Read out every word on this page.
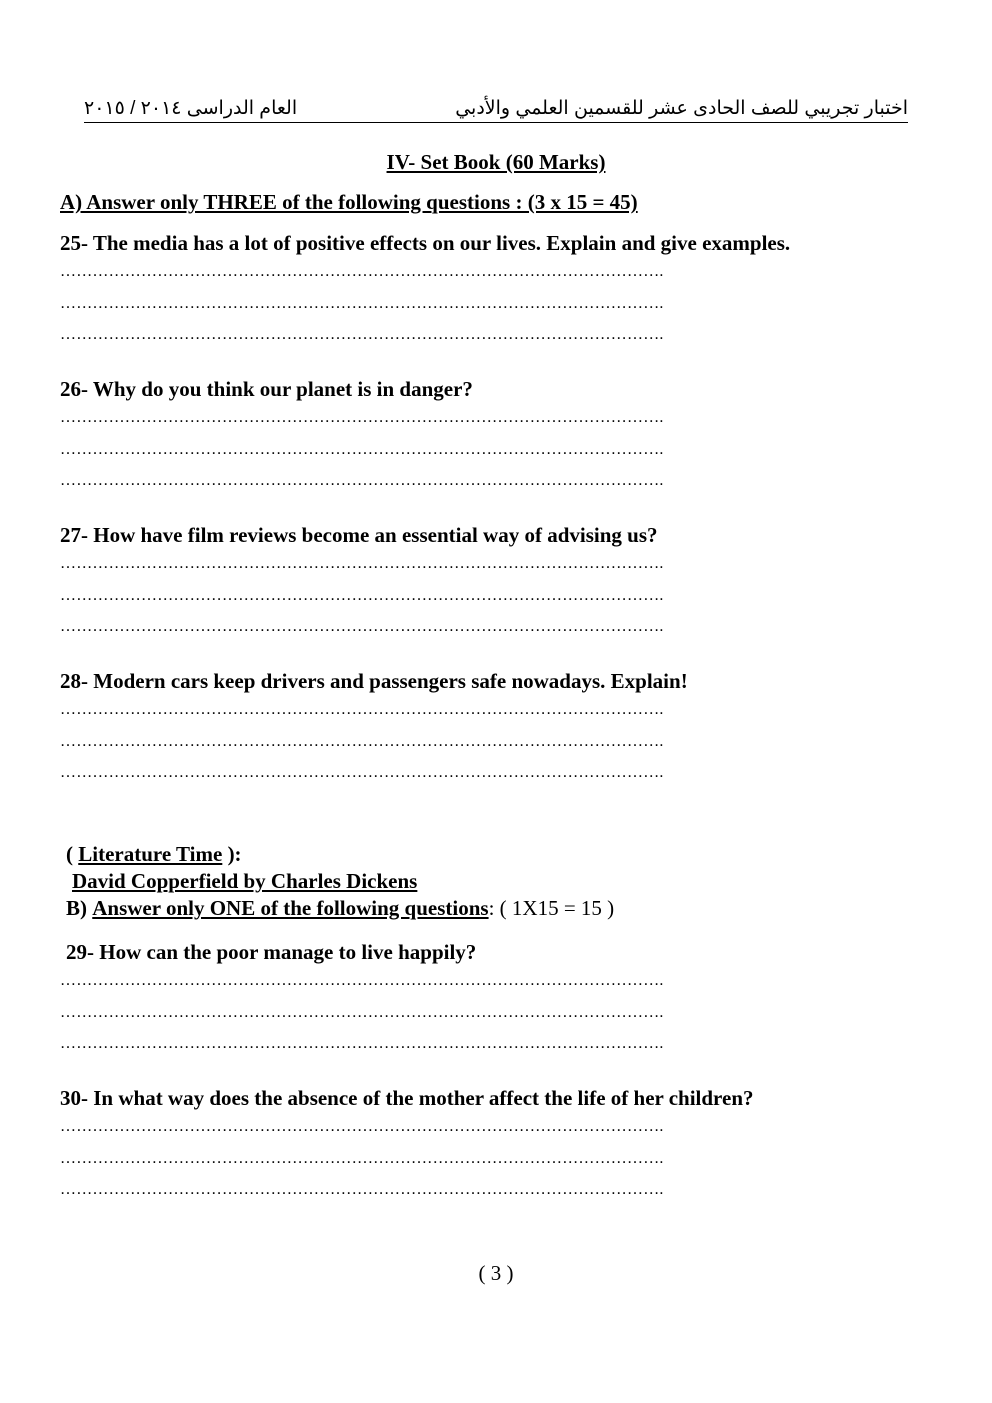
اختبار تجريبي للصف الحادى عشر للقسمين العلمي والأدبي
العام الدراسى ٢٠١٤ / ٢٠١٥
IV- Set Book (60 Marks)
A) Answer only THREE of the following questions : (3 x 15 = 45)
25- The media has a lot of positive effects on our lives. Explain and give examples.
………………………………………………………………………………………………….
………………………………………………………………………………………………….
………………………………………………………………………………………………….
26- Why do you think our planet is in danger?
………………………………………………………………………………………………….
………………………………………………………………………………………………….
………………………………………………………………………………………………….
27- How have film reviews become an essential way of advising us?
………………………………………………………………………………………………….
………………………………………………………………………………………………….
………………………………………………………………………………………………….
28- Modern cars keep drivers and passengers safe nowadays. Explain!
………………………………………………………………………………………………….
………………………………………………………………………………………………….
………………………………………………………………………………………………….
( Literature Time ):
David Copperfield by Charles Dickens
B) Answer only ONE of the following questions: ( 1X15 = 15 )
29- How can the poor manage to live happily?
………………………………………………………………………………………………….
………………………………………………………………………………………………….
………………………………………………………………………………………………….
30- In what way does the absence of the mother affect the life of her children?
………………………………………………………………………………………………….
………………………………………………………………………………………………….
………………………………………………………………………………………………….
( 3 )
